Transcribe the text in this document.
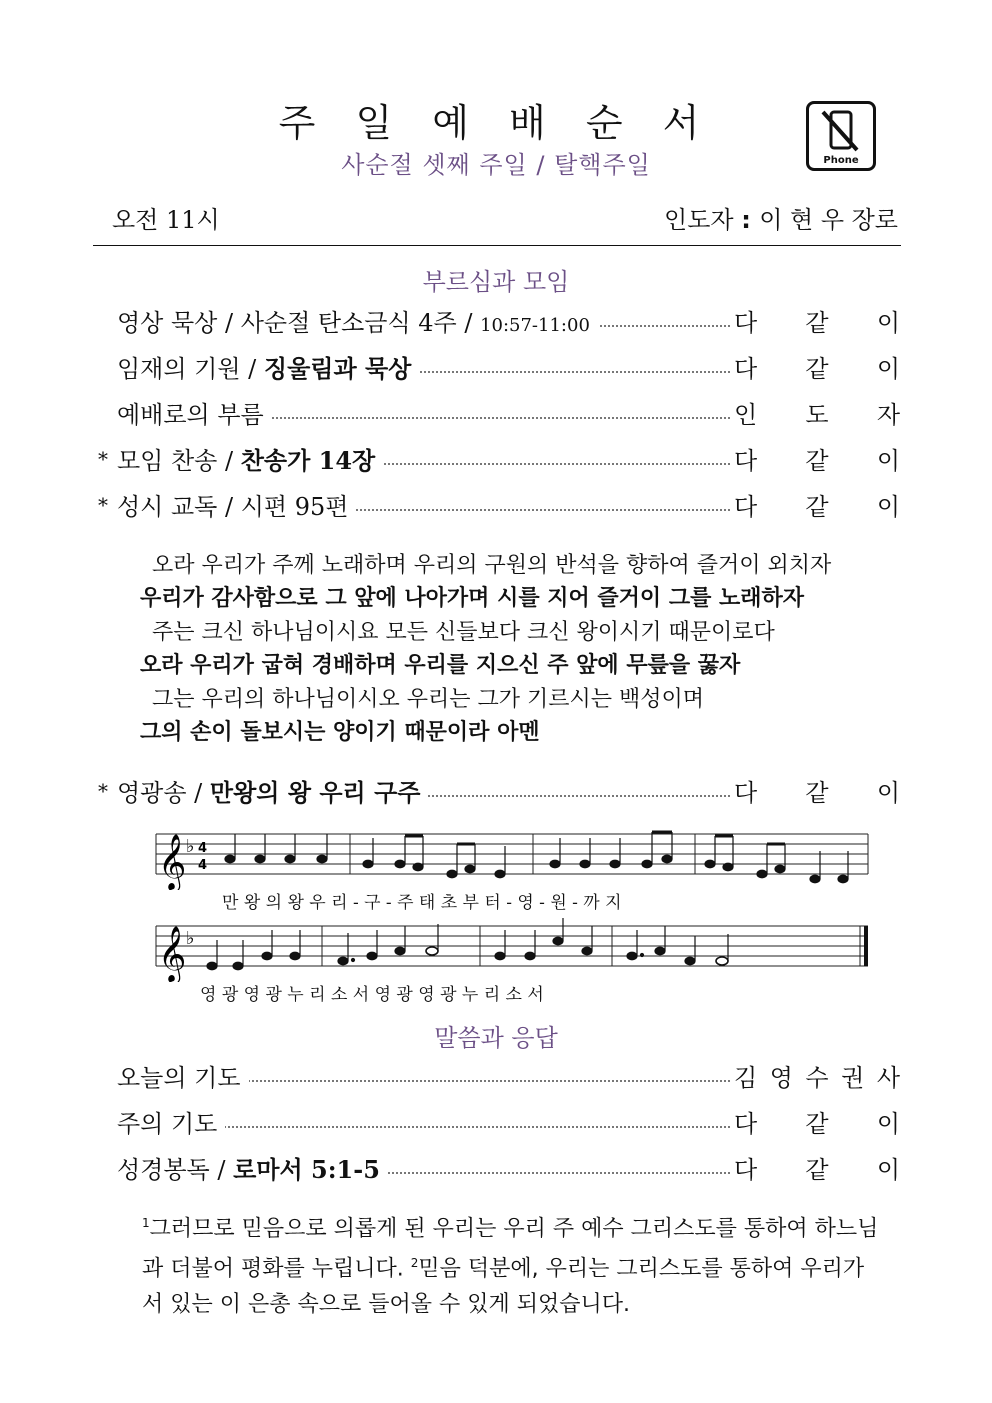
주 일 예 배 순 서
사순절 셋째 주일 / 탈핵주일	Phone
오전 11시	인도자 : 이 현 우 장로
부르심과 모임
영상 묵상 / 사순절 탄소금식 4주 / 10:57-11:00	다 같 이
임재의 기원 / 징울림과 묵상	다 같 이
예배로의 부름	인 도 자
* 모임 찬송 / 찬송가 14장	다 같 이
* 성시 교독 / 시편 95편	다 같 이
오라 우리가 주께 노래하며 우리의 구원의 반석을 향하여 즐거이 외치자
우리가 감사함으로 그 앞에 나아가며 시를 지어 즐거이 그를 노래하자
주는 크신 하나님이시요 모든 신들보다 크신 왕이시기 때문이로다
오라 우리가 굽혀 경배하며 우리를 지으신 주 앞에 무릎을 꿇자
그는 우리의 하나님이시오 우리는 그가 기르시는 백성이며
그의 손이 돌보시는 양이기 때문이라 아멘
* 영광송 / 만왕의 왕 우리 구주	다 같 이
𝄞 ♭ 4
4
만 왕 의 왕 우 리 - 구 - 주 태 초 부 터 - 영 - 원 - 까 지
𝄞 ♭
영 광 영 광 누 리 소 서 영 광 영 광 누 리 소 서
말씀과 응답
오늘의 기도	김 영 수 권 사
주의 기도	다 같 이
성경봉독 / 로마서 5:1-5	다 같 이
$^1$그러므로 믿음으로 의롭게 된 우리는 우리 주 예수 그리스도를 통하여 하느님과 더불어 평화를 누립니다. $^2$믿음 덕분에, 우리는 그리스도를 통하여 우리가 서 있는 이 은총 속으로 들어올 수 있게 되었습니다.
